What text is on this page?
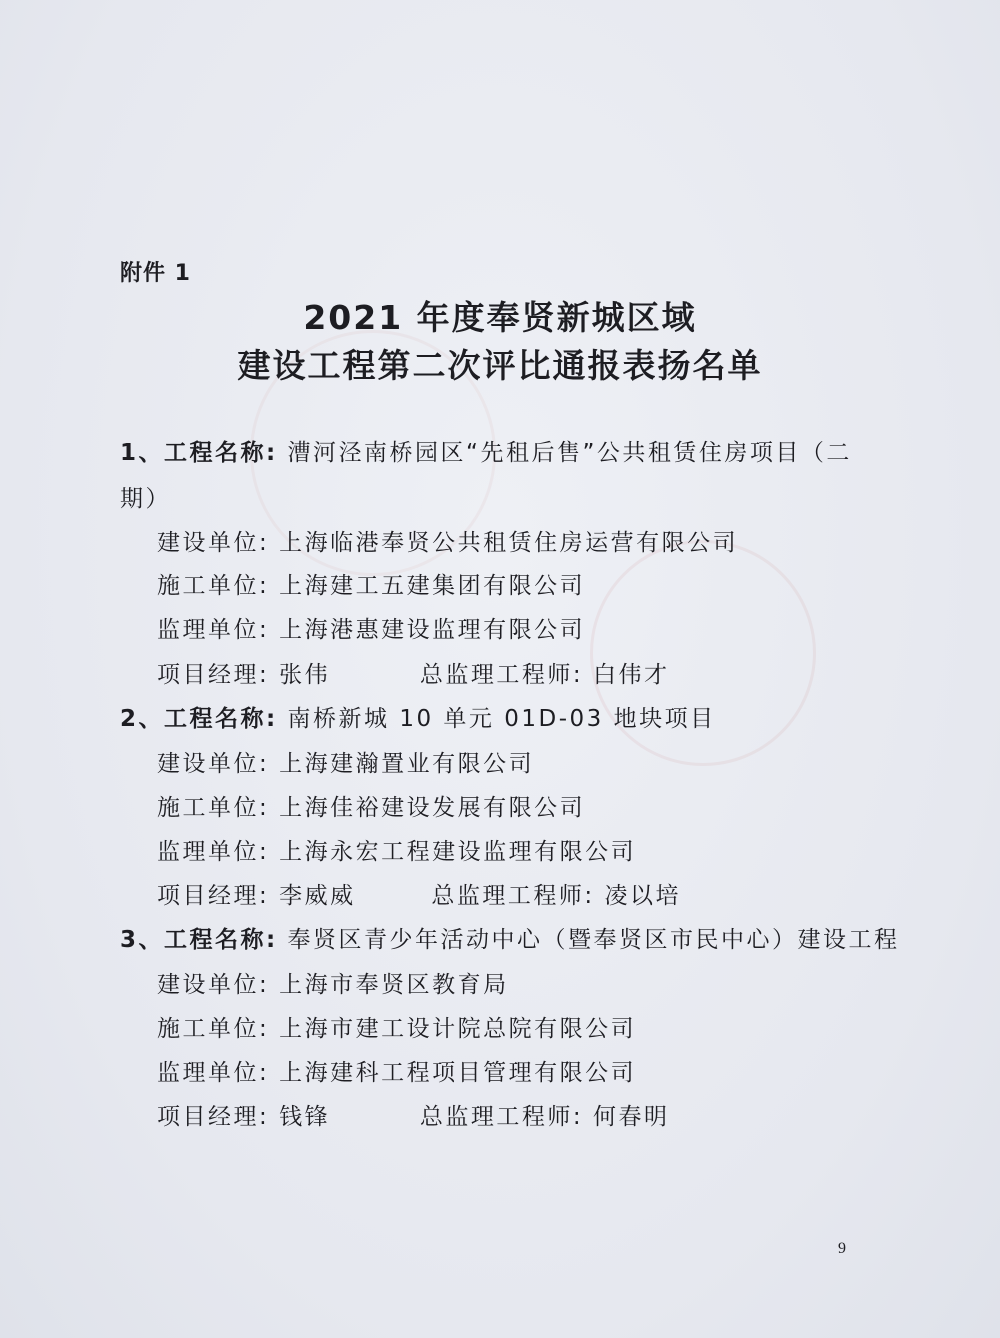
附件 1
2021 年度奉贤新城区域
建设工程第二次评比通报表扬名单
1、工程名称: 漕河泾南桥园区“先租后售”公共租赁住房项目（二
期）
建设单位: 上海临港奉贤公共租赁住房运营有限公司
施工单位: 上海建工五建集团有限公司
监理单位: 上海港惠建设监理有限公司
项目经理: 张伟	总监理工程师: 白伟才
2、工程名称: 南桥新城 10 单元 01D-03 地块项目
建设单位: 上海建瀚置业有限公司
施工单位: 上海佳裕建设发展有限公司
监理单位: 上海永宏工程建设监理有限公司
项目经理: 李威威	总监理工程师: 凌以培
3、工程名称: 奉贤区青少年活动中心（暨奉贤区市民中心）建设工程
建设单位: 上海市奉贤区教育局
施工单位: 上海市建工设计院总院有限公司
监理单位: 上海建科工程项目管理有限公司
项目经理: 钱锋	总监理工程师: 何春明
9
